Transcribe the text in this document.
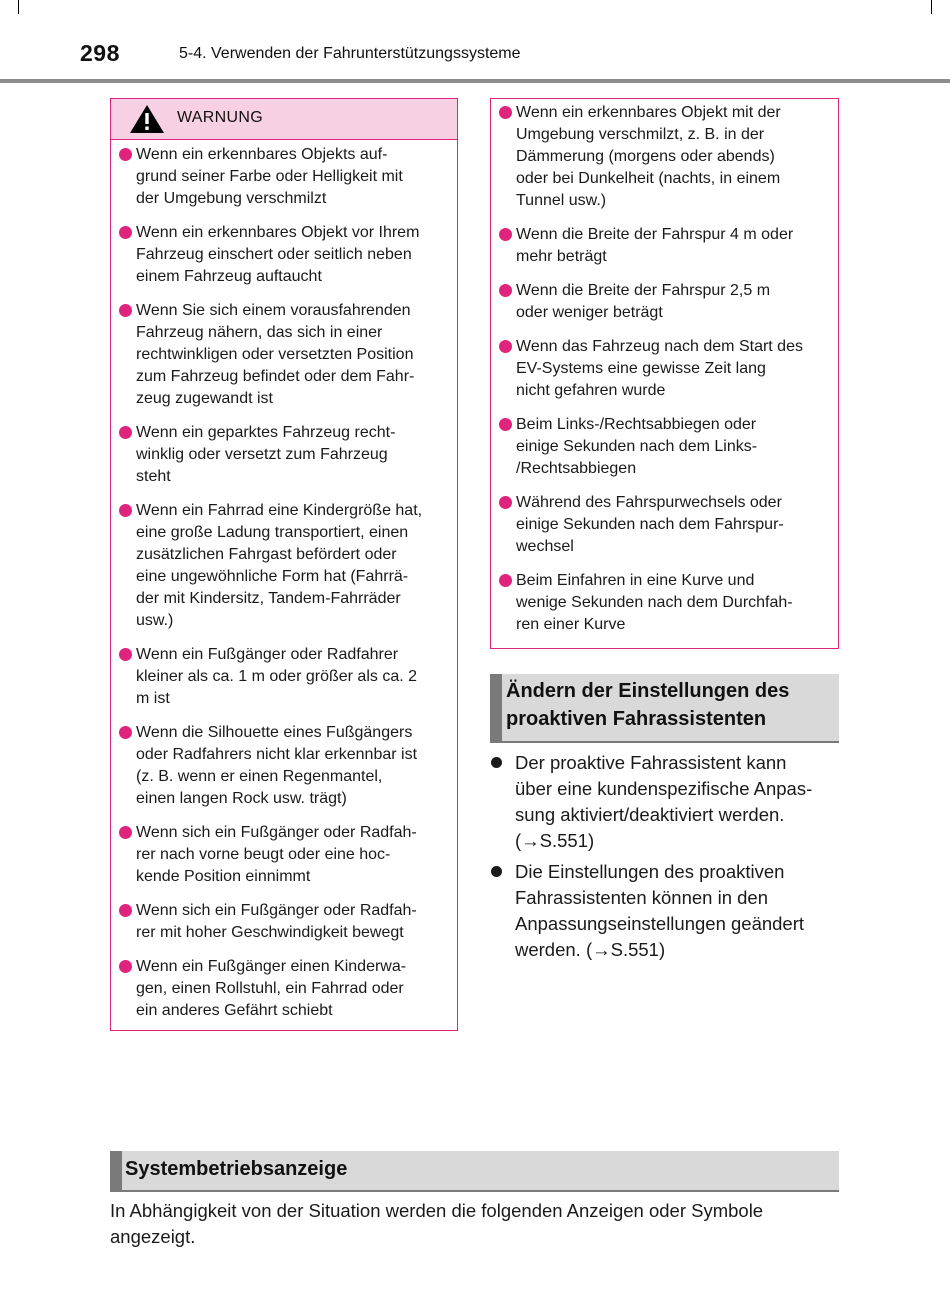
298	5-4. Verwenden der Fahrunterstützungssysteme
WARNUNG
Wenn ein erkennbares Objekts auf-
grund seiner Farbe oder Helligkeit mit
der Umgebung verschmilzt
Wenn ein erkennbares Objekt vor Ihrem
Fahrzeug einschert oder seitlich neben
einem Fahrzeug auftaucht
Wenn Sie sich einem vorausfahrenden
Fahrzeug nähern, das sich in einer
rechtwinkligen oder versetzten Position
zum Fahrzeug befindet oder dem Fahr-
zeug zugewandt ist
Wenn ein geparktes Fahrzeug recht-
winklig oder versetzt zum Fahrzeug
steht
Wenn ein Fahrrad eine Kindergröße hat,
eine große Ladung transportiert, einen
zusätzlichen Fahrgast befördert oder
eine ungewöhnliche Form hat (Fahrrä-
der mit Kindersitz, Tandem-Fahrräder
usw.)
Wenn ein Fußgänger oder Radfahrer
kleiner als ca. 1 m oder größer als ca. 2
m ist
Wenn die Silhouette eines Fußgängers
oder Radfahrers nicht klar erkennbar ist
(z. B. wenn er einen Regenmantel,
einen langen Rock usw. trägt)
Wenn sich ein Fußgänger oder Radfah-
rer nach vorne beugt oder eine hoc-
kende Position einnimmt
Wenn sich ein Fußgänger oder Radfah-
rer mit hoher Geschwindigkeit bewegt
Wenn ein Fußgänger einen Kinderwa-
gen, einen Rollstuhl, ein Fahrrad oder
ein anderes Gefährt schiebt
Wenn ein erkennbares Objekt mit der
Umgebung verschmilzt, z. B. in der
Dämmerung (morgens oder abends)
oder bei Dunkelheit (nachts, in einem
Tunnel usw.)
Wenn die Breite der Fahrspur 4 m oder
mehr beträgt
Wenn die Breite der Fahrspur 2,5 m
oder weniger beträgt
Wenn das Fahrzeug nach dem Start des
EV-Systems eine gewisse Zeit lang
nicht gefahren wurde
Beim Links-/Rechtsabbiegen oder
einige Sekunden nach dem Links-
/Rechtsabbiegen
Während des Fahrspurwechsels oder
einige Sekunden nach dem Fahrspur-
wechsel
Beim Einfahren in eine Kurve und
wenige Sekunden nach dem Durchfah-
ren einer Kurve
Ändern der Einstellungen des
proaktiven Fahrassistenten
Der proaktive Fahrassistent kann
über eine kundenspezifische Anpas-
sung aktiviert/deaktiviert werden.
(→S.551)
Die Einstellungen des proaktiven
Fahrassistenten können in den
Anpassungseinstellungen geändert
werden. (→S.551)
Systembetriebsanzeige
In Abhängigkeit von der Situation werden die folgenden Anzeigen oder Symbole
angezeigt.
